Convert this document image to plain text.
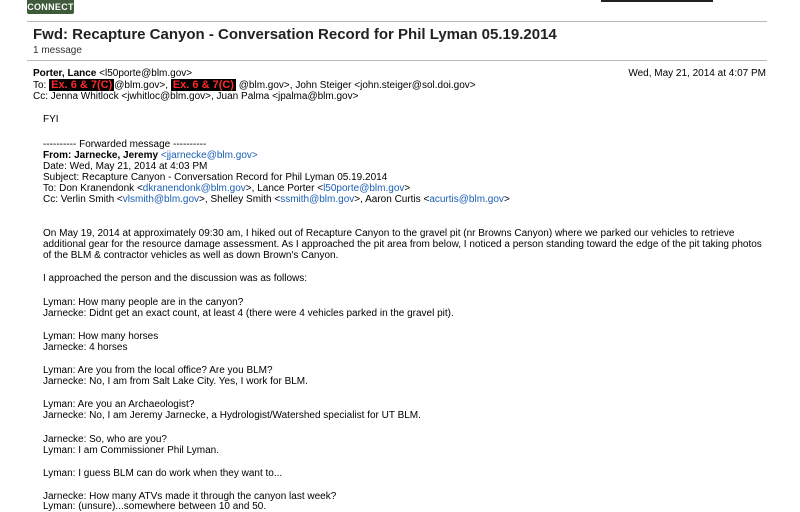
CONNECT
Fwd: Recapture Canyon - Conversation Record for Phil Lyman 05.19.2014
1 message
Porter, Lance <l50porte@blm.gov>	Wed, May 21, 2014 at 4:07 PM
To: Ex. 6 & 7(C) @blm.gov>, Ex. 6 & 7(C) @blm.gov>, John Steiger <john.steiger@sol.doi.gov>
Cc: Jenna Whitlock <jwhitloc@blm.gov>, Juan Palma <jpalma@blm.gov>
FYI
---------- Forwarded message ----------
From: Jarnecke, Jeremy <jjarnecke@blm.gov>
Date: Wed, May 21, 2014 at 4:03 PM
Subject: Recapture Canyon - Conversation Record for Phil Lyman 05.19.2014
To: Don Kranendonk <dkranendonk@blm.gov>, Lance Porter <l50porte@blm.gov>
Cc: Verlin Smith <vlsmith@blm.gov>, Shelley Smith <ssmith@blm.gov>, Aaron Curtis <acurtis@blm.gov>
On May 19, 2014 at approximately 09:30 am, I hiked out of Recapture Canyon to the gravel pit (nr Browns Canyon) where we parked our vehicles to retrieve
additional gear for the resource damage assessment. As I approached the pit area from below, I noticed a person standing toward the edge of the pit taking photos
of the BLM & contractor vehicles as well as down Brown's Canyon.
I approached the person and the discussion was as follows:
Lyman: How many people are in the canyon?
Jarnecke: Didnt get an exact count, at least 4 (there were 4 vehicles parked in the gravel pit).
Lyman: How many horses
Jarnecke: 4 horses
Lyman: Are you from the local office? Are you BLM?
Jarnecke: No, I am from Salt Lake City. Yes, I work for BLM.
Lyman: Are you an Archaeologist?
Jarnecke: No, I am Jeremy Jarnecke, a Hydrologist/Watershed specialist for UT BLM.
Jarnecke: So, who are you?
Lyman: I am Commissioner Phil Lyman.
Lyman: I guess BLM can do work when they want to...
Jarnecke: How many ATVs made it through the canyon last week?
Lyman: (unsure)...somewhere between 10 and 50.
